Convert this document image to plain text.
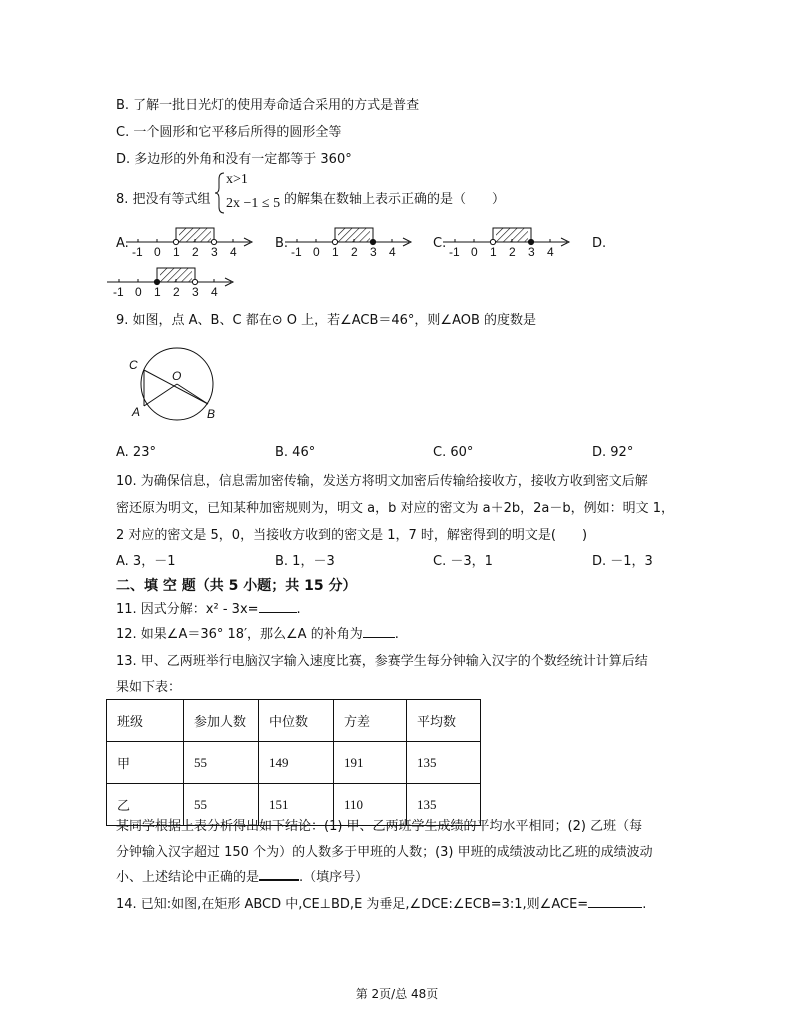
B. 了解一批日光灯的使用寿命适合采用的方式是普查
C. 一个圆形和它平移后所得的圆形全等
D. 多边形的外角和没有一定都等于 360°
8. 把没有等式组
x>1
2x −1 ≤ 5 的解集在数轴上表示正确的是（　　）
A.	B.	C.	D.
-1 0 1 2 3 4	-1 0 1 2 3 4	-1 0 1 2 3 4
-1 0 1 2 3 4
9. 如图，点 A、B、C 都在⊙ O 上，若∠ACB＝46°，则∠AOB 的度数是
C
O
A	B
A. 23°	B. 46°	C. 60°	D. 92°
10. 为确保信息，信息需加密传输，发送方将明文加密后传输给接收方，接收方收到密文后解
密还原为明文，已知某种加密规则为，明文 a，b 对应的密文为 a＋2b，2a－b，例如：明文 1，
2 对应的密文是 5，0，当接收方收到的密文是 1，7 时，解密得到的明文是(　　)
A. 3，－1	B. 1，－3	C. －3，1	D. －1，3
二、填 空 题（共 5 小题；共 15 分）
11. 因式分解：x² - 3x=	.
12. 如果∠A＝36° 18′，那么∠A 的补角为 .
13. 甲、乙两班举行电脑汉字输入速度比赛，参赛学生每分钟输入汉字的个数经统计计算后结
果如下表：
班级	参加人数	中位数	方差	平均数
甲	55	149	191	135
乙	55	151	110	135
某同学根据上表分析得出如下结论：(1) 甲、乙两班学生成绩的平均水平相同；(2) 乙班（每
分钟输入汉字超过 150 个为）的人数多于甲班的人数；(3) 甲班的成绩波动比乙班的成绩波动
小、上述结论中正确的是	.（填序号）
14. 已知:如图,在矩形 ABCD 中,CE⊥BD,E 为垂足,∠DCE:∠ECB=3:1,则∠ACE=	.
第 2页/总 48页
